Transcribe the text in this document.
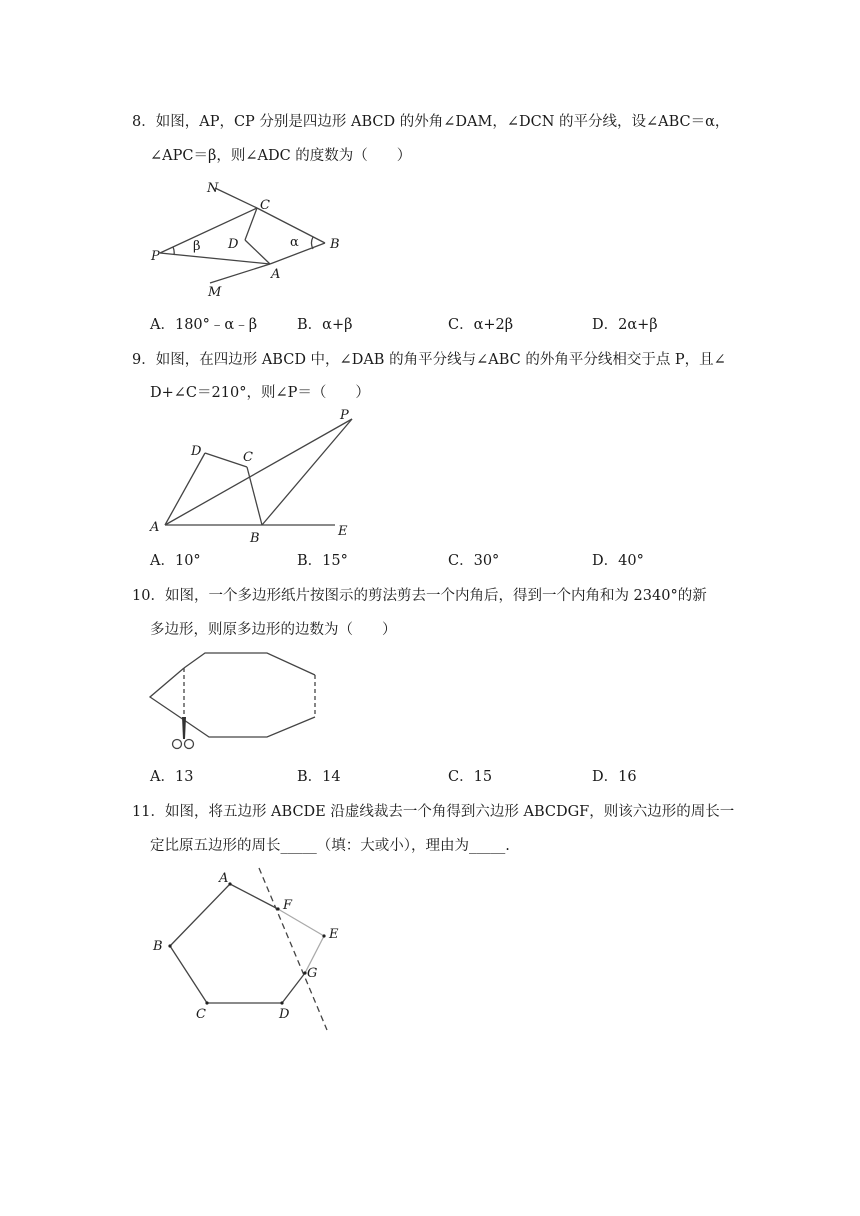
8．如图，AP，CP 分别是四边形 ABCD 的外角∠DAM，∠DCN 的平分线，设∠ABC＝α，
∠APC＝β，则∠ADC 的度数为（　　）
N
C
P
β D	α B
A
M
A．180°﹣α﹣β	B．α+β	C．α+2β	D．2α+β
9．如图，在四边形 ABCD 中，∠DAB 的角平分线与∠ABC 的外角平分线相交于点 P，且∠
D+∠C＝210°，则∠P＝（　　）
P
D	C
A
B	E
A．10°	B．15°	C．30°	D．40°
10．如图，一个多边形纸片按图示的剪法剪去一个内角后，得到一个内角和为 2340°的新
多边形，则原多边形的边数为（　　）
A．13	B．14	C．15	D．16
11．如图，将五边形 ABCDE 沿虚线裁去一个角得到六边形 ABCDGF，则该六边形的周长一
定比原五边形的周长_____（填：大或小），理由为_____.
A
F
B
E
G
C	D
